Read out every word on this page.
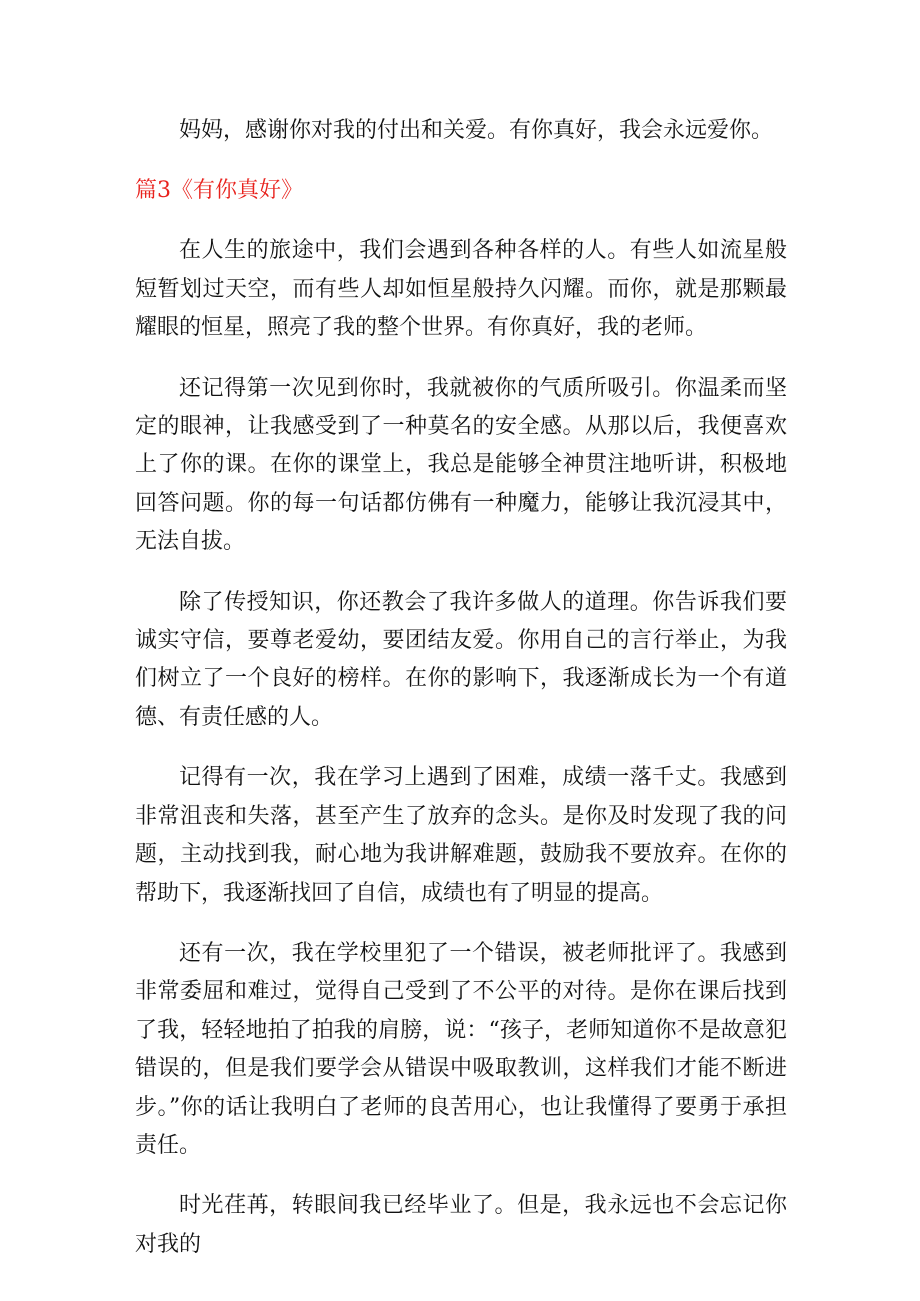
妈妈，感谢你对我的付出和关爱。有你真好，我会永远爱你。

篇3《有你真好》

在人生的旅途中，我们会遇到各种各样的人。有些人如流星般短暂划过天空，而有些人却如恒星般持久闪耀。而你，就是那颗最耀眼的恒星，照亮了我的整个世界。有你真好，我的老师。

还记得第一次见到你时，我就被你的气质所吸引。你温柔而坚定的眼神，让我感受到了一种莫名的安全感。从那以后，我便喜欢上了你的课。在你的课堂上，我总是能够全神贯注地听讲，积极地回答问题。你的每一句话都仿佛有一种魔力，能够让我沉浸其中，无法自拔。

除了传授知识，你还教会了我许多做人的道理。你告诉我们要诚实守信，要尊老爱幼，要团结友爱。你用自己的言行举止，为我们树立了一个良好的榜样。在你的影响下，我逐渐成长为一个有道德、有责任感的人。

记得有一次，我在学习上遇到了困难，成绩一落千丈。我感到非常沮丧和失落，甚至产生了放弃的念头。是你及时发现了我的问题，主动找到我，耐心地为我讲解难题，鼓励我不要放弃。在你的帮助下，我逐渐找回了自信，成绩也有了明显的提高。

还有一次，我在学校里犯了一个错误，被老师批评了。我感到非常委屈和难过，觉得自己受到了不公平的对待。是你在课后找到了我，轻轻地拍了拍我的肩膀，说：“孩子，老师知道你不是故意犯错误的，但是我们要学会从错误中吸取教训，这样我们才能不断进步。”你的话让我明白了老师的良苦用心，也让我懂得了要勇于承担责任。

时光荏苒，转眼间我已经毕业了。但是，我永远也不会忘记你对我的
